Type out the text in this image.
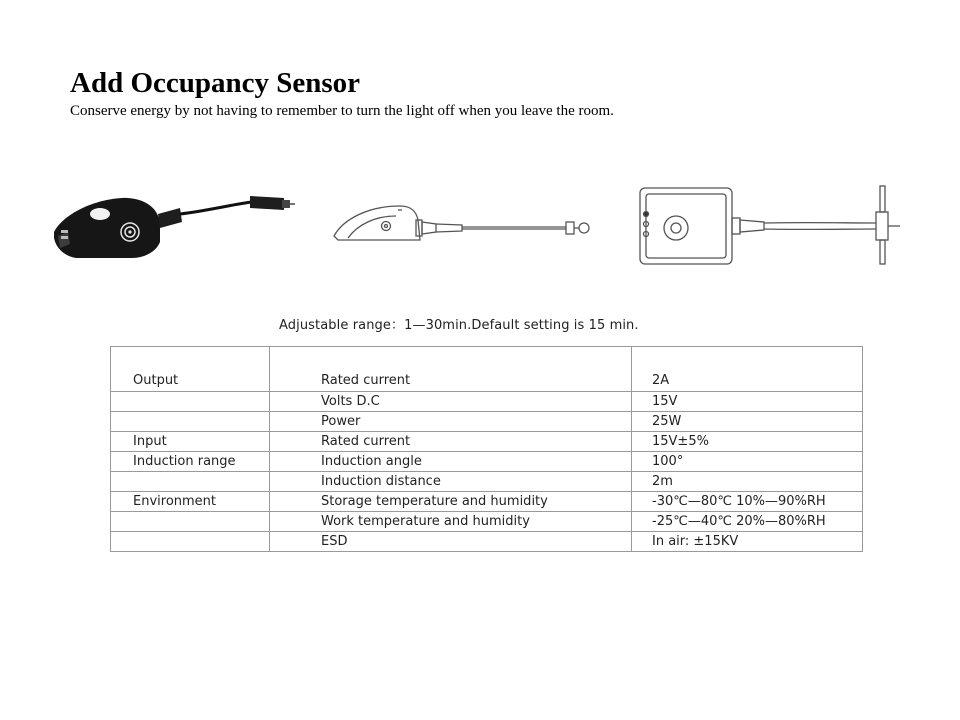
Add Occupancy Sensor

Conserve energy by not having to remember to turn the light off when you leave the room.

Adjustable range：1—30min.Default setting is 15 min.
Output	Rated current	2A
	Volts D.C	15V
	Power	25W
Input	Rated current	15V±5%
Induction range	Induction angle	100°
	Induction distance	2m
Environment	Storage temperature and humidity	-30℃—80℃ 10%—90%RH
	Work temperature and humidity	-25℃—40℃ 20%—80%RH
	ESD	In air: ±15KV
